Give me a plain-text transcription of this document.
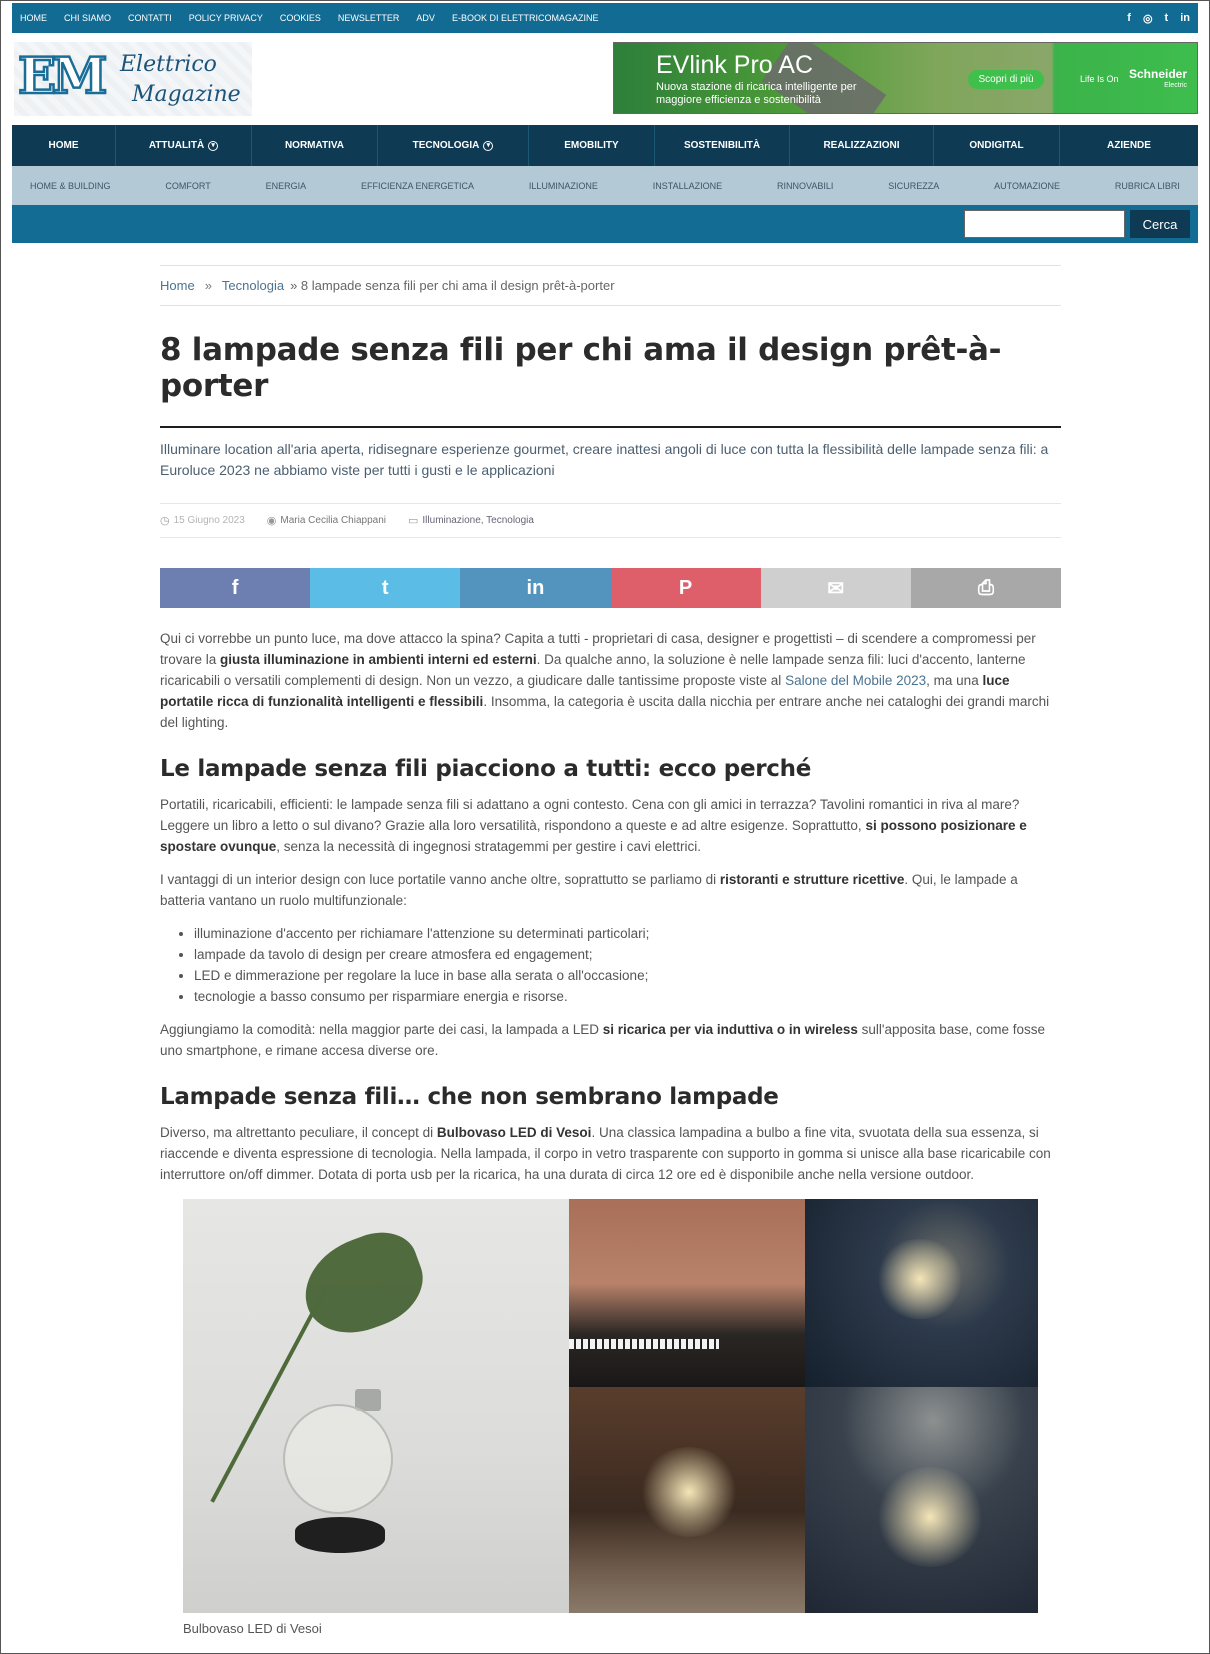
HOME CHI SIAMO CONTATTI POLICY PRIVACY COOKIES NEWSLETTER ADV E-BOOK DI ELETTRICOMAGAZINE	f ◎ t in
EM Elettrico
Magazine
EVlink Pro AC
Nuova stazione di ricarica intelligente per maggiore efficienza e sostenibilità
Scopri di più	Life Is On Schneider
Electric
HOME	ATTUALITÀ	▾	NORMATIVA	TECNOLOGIA	▾	EMOBILITY	SOSTENIBILITÀ	REALIZZAZIONI	ONDIGITAL	AZIENDE
HOME & BUILDING	COMFORT	ENERGIA	EFFICIENZA ENERGETICA	ILLUMINAZIONE	INSTALLAZIONE	RINNOVABILI	SICUREZZA	AUTOMAZIONE	RUBRICA LIBRI
Cerca
Home » Tecnologia » 8 lampade senza fili per chi ama il design prêt-à-porter
8 lampade senza fili per chi ama il design prêt-à-porter

Illuminare location all'aria aperta, ridisegnare esperienze gourmet, creare inattesi angoli di luce con tutta la flessibilità delle lampade senza fili: a Euroluce 2023 ne abbiamo viste per tutti i gusti e le applicazioni

◷ 15 Giugno 2023 ◉ Maria Cecilia Chiappani ▭ Illuminazione, Tecnologia
f	t	in	P	✉	⎙

Qui ci vorrebbe un punto luce, ma dove attacco la spina? Capita a tutti - proprietari di casa, designer e progettisti – di scendere a compromessi per trovare la giusta illuminazione in ambienti interni ed esterni. Da qualche anno, la soluzione è nelle lampade senza fili: luci d'accento, lanterne ricaricabili o versatili complementi di design. Non un vezzo, a giudicare dalle tantissime proposte viste al Salone del Mobile 2023, ma una luce portatile ricca di funzionalità intelligenti e flessibili. Insomma, la categoria è uscita dalla nicchia per entrare anche nei cataloghi dei grandi marchi del lighting.

Le lampade senza fili piacciono a tutti: ecco perché

Portatili, ricaricabili, efficienti: le lampade senza fili si adattano a ogni contesto. Cena con gli amici in terrazza? Tavolini romantici in riva al mare? Leggere un libro a letto o sul divano? Grazie alla loro versatilità, rispondono a queste e ad altre esigenze. Soprattutto, si possono posizionare e spostare ovunque, senza la necessità di ingegnosi stratagemmi per gestire i cavi elettrici.

I vantaggi di un interior design con luce portatile vanno anche oltre, soprattutto se parliamo di ristoranti e strutture ricettive. Qui, le lampade a batteria vantano un ruolo multifunzionale:

• illuminazione d'accento per richiamare l'attenzione su determinati particolari;
• lampade da tavolo di design per creare atmosfera ed engagement;
• LED e dimmerazione per regolare la luce in base alla serata o all'occasione;
• tecnologie a basso consumo per risparmiare energia e risorse.

Aggiungiamo la comodità: nella maggior parte dei casi, la lampada a LED si ricarica per via induttiva o in wireless sull'apposita base, come fosse uno smartphone, e rimane accesa diverse ore.

Lampade senza fili… che non sembrano lampade

Diverso, ma altrettanto peculiare, il concept di Bulbovaso LED di Vesoi. Una classica lampadina a bulbo a fine vita, svuotata della sua essenza, si riaccende e diventa espressione di tecnologia. Nella lampada, il corpo in vetro trasparente con supporto in gomma si unisce alla base ricaricabile con interruttore on/off dimmer. Dotata di porta usb per la ricarica, ha una durata di circa 12 ore ed è disponibile anche nella versione outdoor.

Bulbovaso LED di Vesoi
